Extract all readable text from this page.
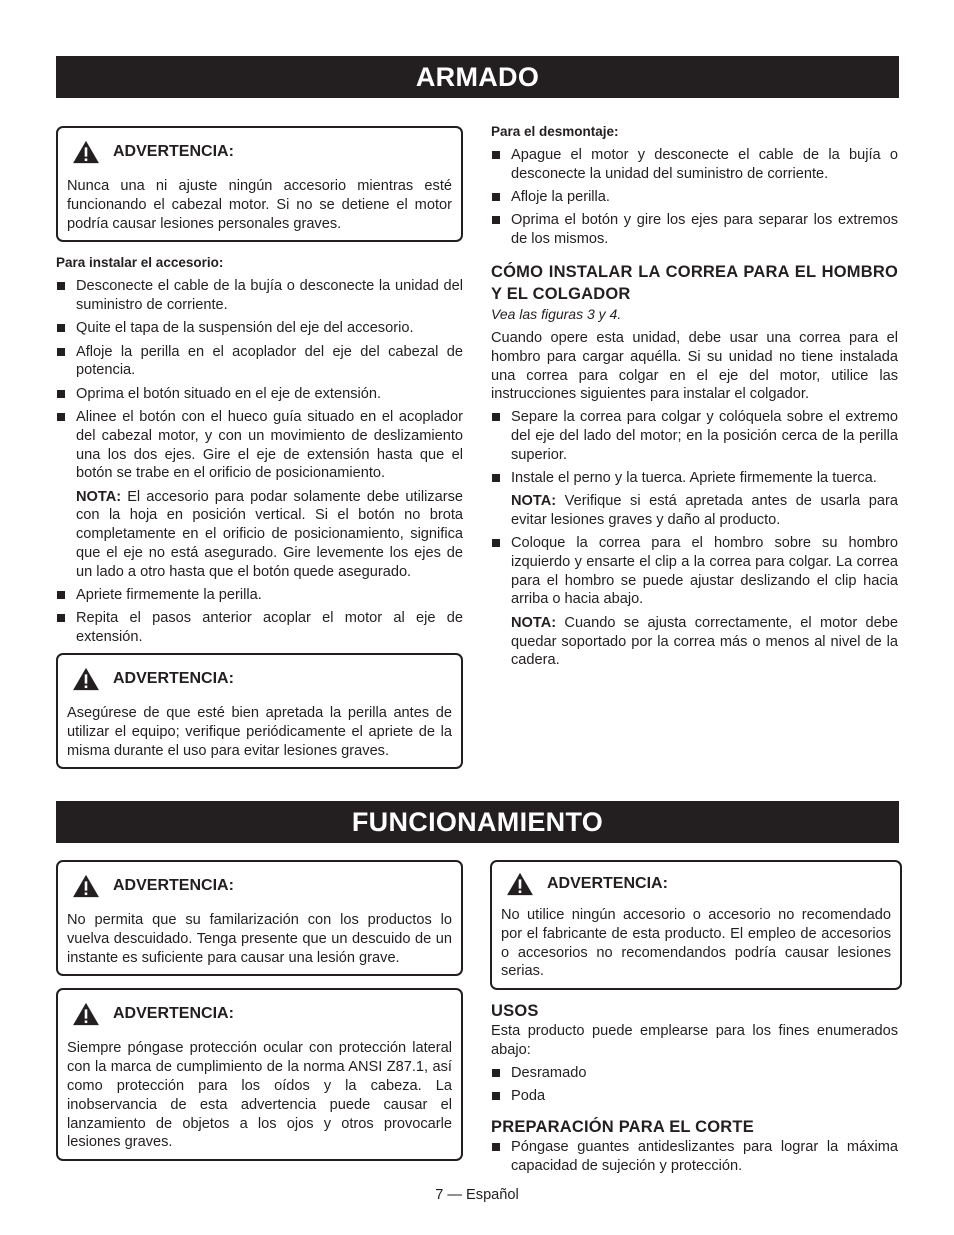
ARMADO
ADVERTENCIA:

Nunca una ni ajuste ningún accesorio mientras esté funcionando el cabezal motor. Si no se detiene el motor podría causar lesiones personales graves.

Para instalar el accesorio:

Desconecte el cable de la bujía o desconecte la unidad del suministro de corriente.
Quite el tapa de la suspensión del eje del accesorio.
Afloje la perilla en el acoplador del eje del cabezal de potencia.
Oprima el botón situado en el eje de extensión.
Alinee el botón con el hueco guía situado en el acoplador del cabezal motor, y con un movimiento de deslizamiento una los dos ejes. Gire el eje de extensión hasta que el botón se trabe en el orificio de posicionamiento.

NOTA: El accesorio para podar solamente debe utilizarse con la hoja en posición vertical. Si el botón no brota completamente en el orificio de posicionamiento, significa que el eje no está asegurado. Gire levemente los ejes de un lado a otro hasta que el botón quede asegurado.

Apriete firmemente la perilla.
Repita el pasos anterior acoplar el motor al eje de extensión.
ADVERTENCIA:

Asegúrese de que esté bien apretada la perilla antes de utilizar el equipo; verifique periódicamente el apriete de la misma durante el uso para evitar lesiones graves.

Para el desmontaje:

Apague el motor y desconecte el cable de la bujía o desconecte la unidad del suministro de corriente.
Afloje la perilla.
Oprima el botón y gire los ejes para separar los extremos de los mismos.

CÓMO INSTALAR LA CORREA PARA EL HOMBRO Y EL COLGADOR

Vea las figuras 3 y 4.

Cuando opere esta unidad, debe usar una correa para el hombro para cargar aquélla. Si su unidad no tiene instalada una correa para colgar en el eje del motor, utilice las instrucciones siguientes para instalar el colgador.

Separe la correa para colgar y colóquela sobre el extremo del eje del lado del motor; en la posición cerca de la perilla superior.
Instale el perno y la tuerca. Apriete firmemente la tuerca.

NOTA: Verifique si está apretada antes de usarla para evitar lesiones graves y daño al producto.

Coloque la correa para el hombro sobre su hombro izquierdo y ensarte el clip a la correa para colgar. La correa para el hombro se puede ajustar deslizando el clip hacia arriba o hacia abajo.

NOTA: Cuando se ajusta correctamente, el motor debe quedar soportado por la correa más o menos al nivel de la cadera.

FUNCIONAMIENTO
ADVERTENCIA:

No permita que su familarización con los productos lo vuelva descuidado. Tenga presente que un descuido de un instante es suficiente para causar una lesión grave.

ADVERTENCIA:

Siempre póngase protección ocular con protección lateral con la marca de cumplimiento de la norma ANSI Z87.1, así como protección para los oídos y la cabeza. La inobservancia de esta advertencia puede causar el lanzamiento de objetos a los ojos y otros provocarle lesiones graves.

ADVERTENCIA:

No utilice ningún accesorio o accesorio no recomendado por el fabricante de esta producto. El empleo de accesorios o accesorios no recomendandos podría causar lesiones serias.

USOS

Esta producto puede emplearse para los fines enumerados abajo:

Desramado
Poda

PREPARACIÓN PARA EL CORTE

Póngase guantes antideslizantes para lograr la máxima capacidad de sujeción y protección.
7 — Español
